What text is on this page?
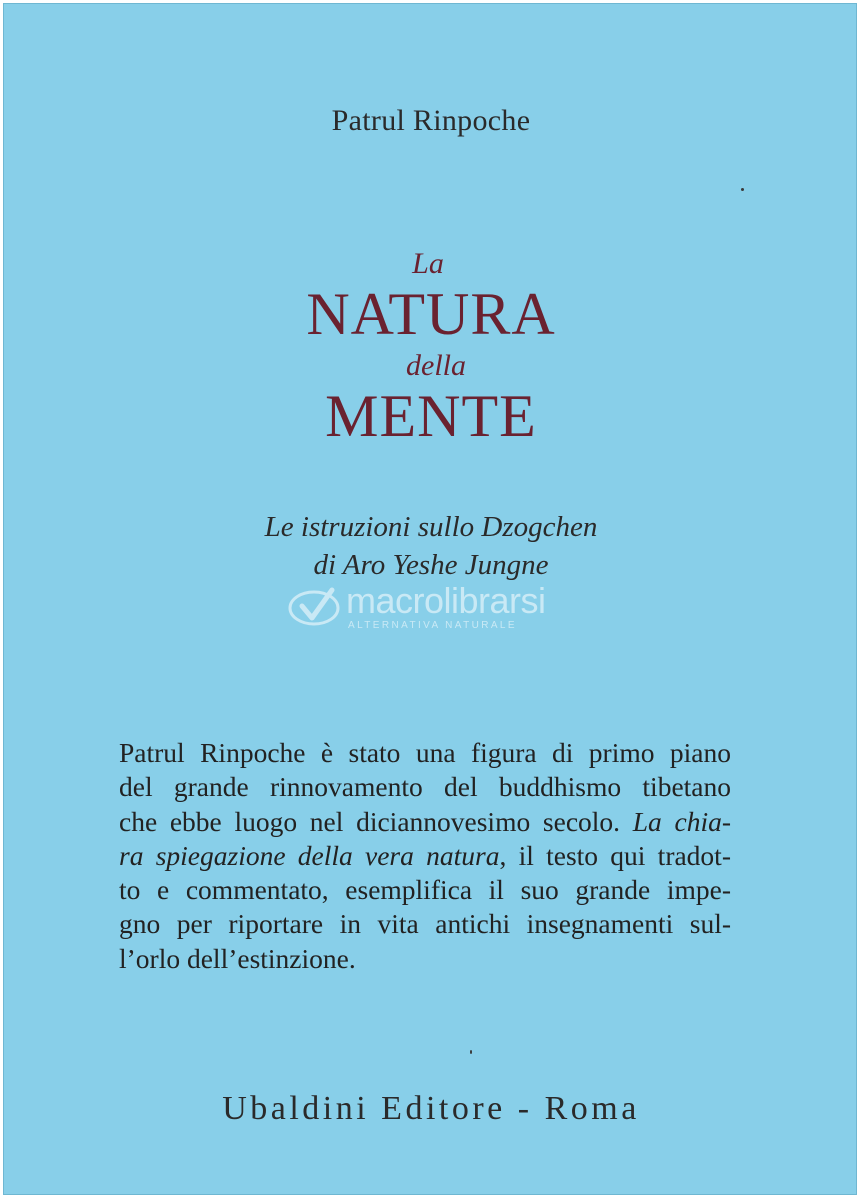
Patrul Rinpoche
La
NATURA
della
MENTE
Le istruzioni sullo Dzogchen
di Aro Yeshe Jungne
macrolibrarsi
ALTERNATIVA NATURALE
Patrul Rinpoche è stato una figura di primo piano
del grande rinnovamento del buddhismo tibetano
che ebbe luogo nel diciannovesimo secolo. La chia-
ra spiegazione della vera natura, il testo qui tradot-
to e commentato, esemplifica il suo grande impe-
gno per riportare in vita antichi insegnamenti sul-
l’orlo dell’estinzione.
Ubaldini Editore - Roma
